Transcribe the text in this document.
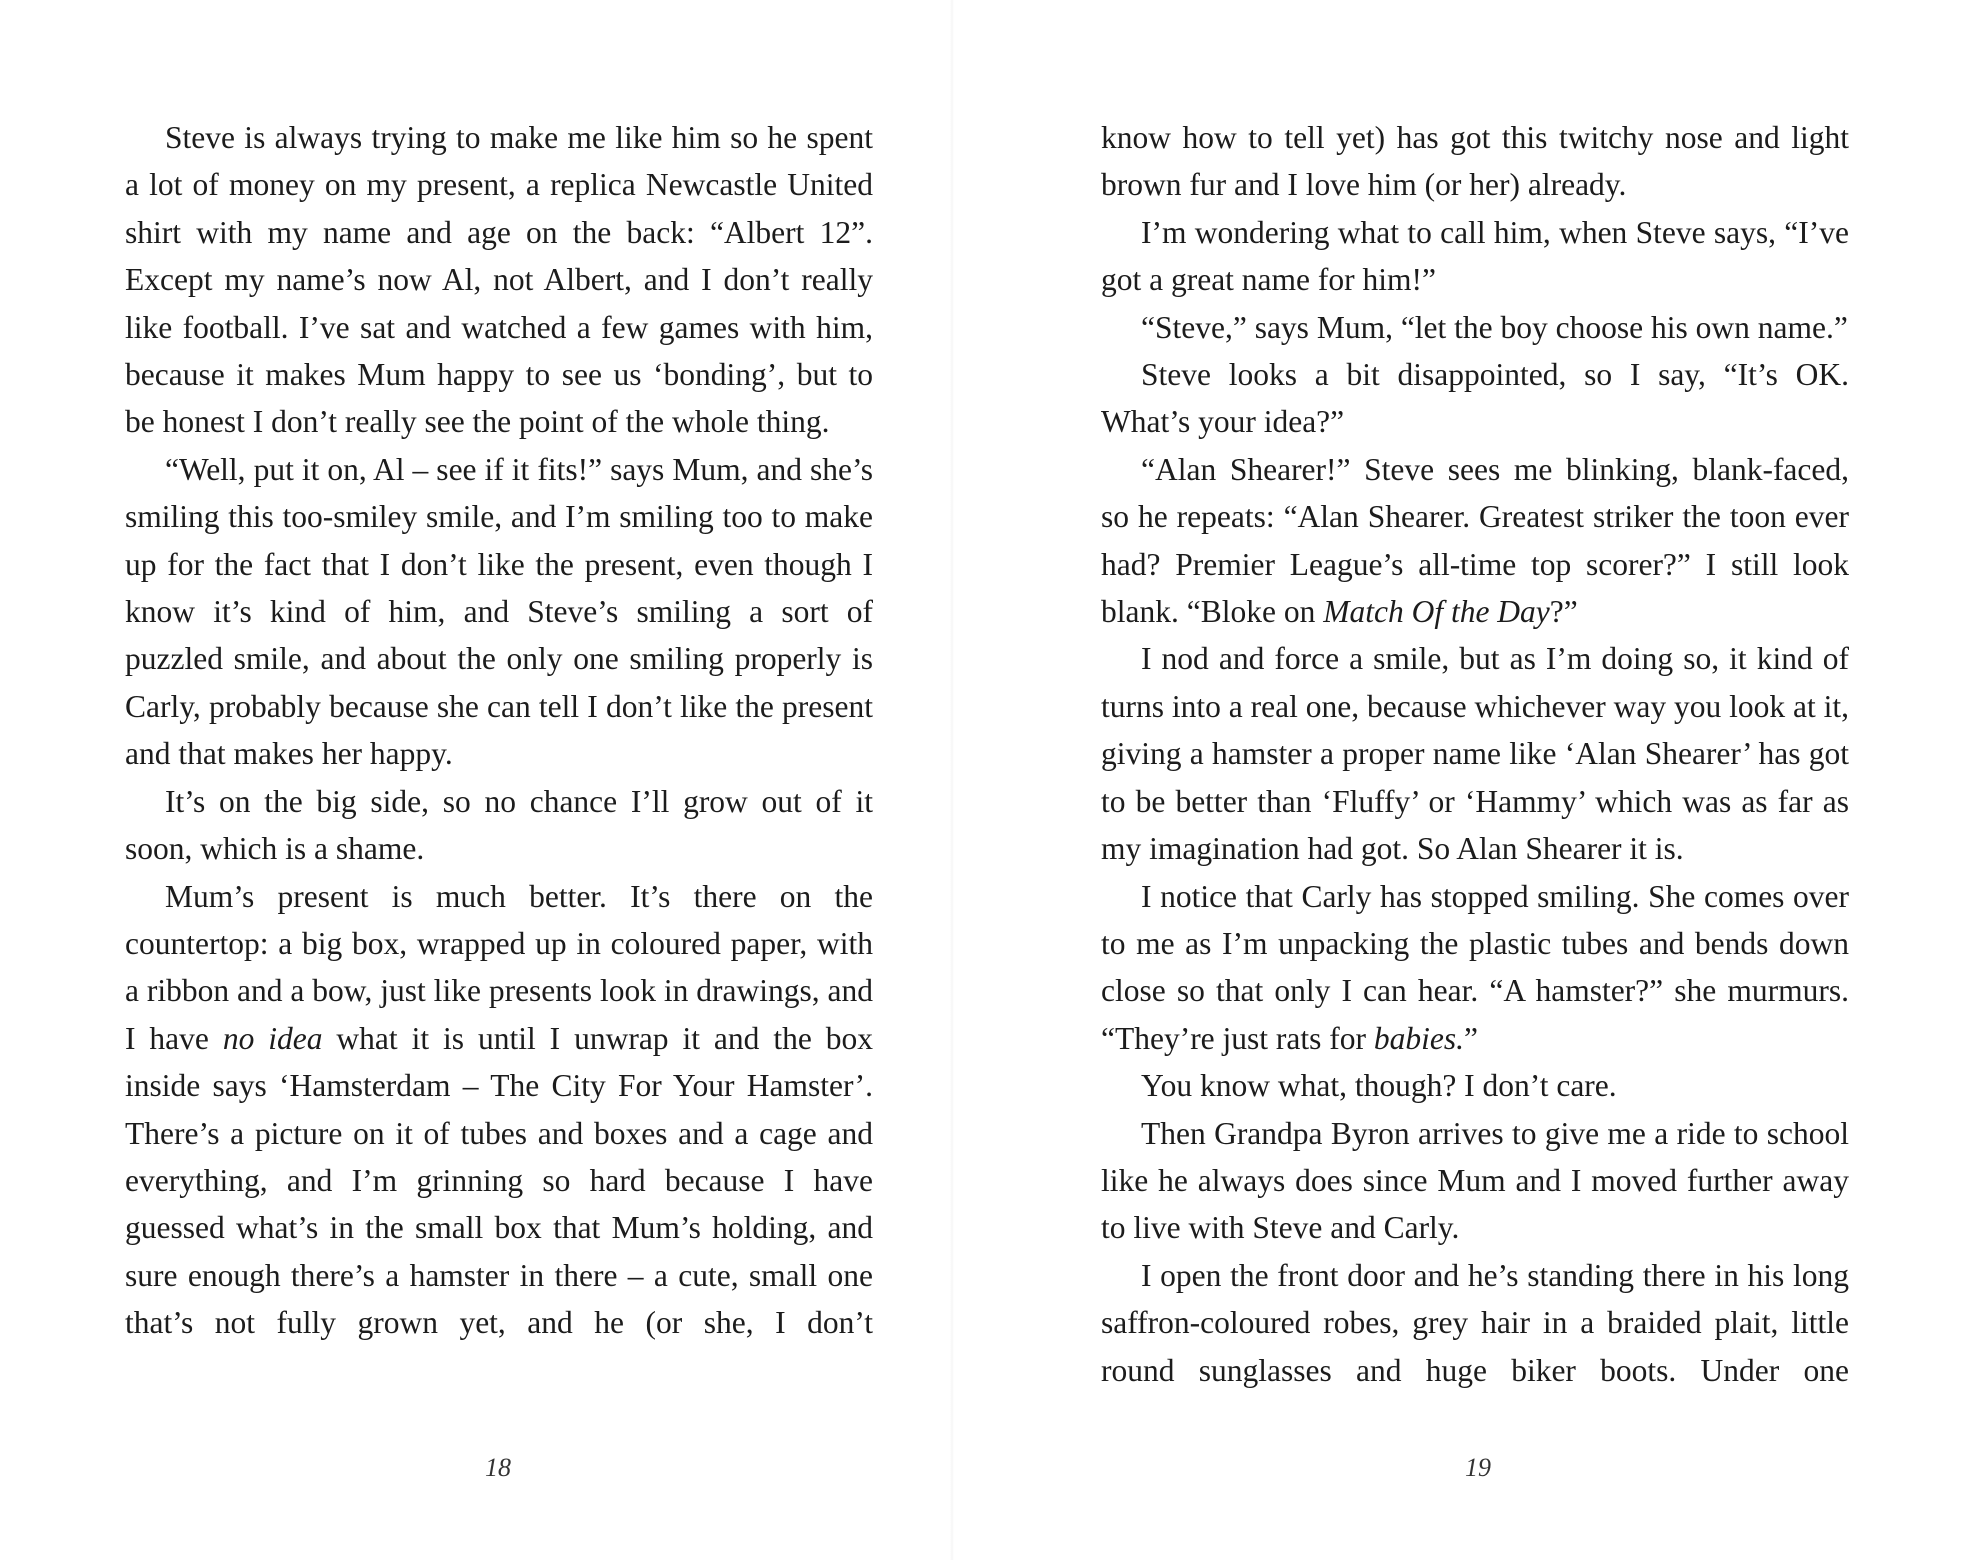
Steve is always trying to make me like him so he spent a lot of money on my present, a replica Newcastle United shirt with my name and age on the back: “Albert 12”. Except my name’s now Al, not Albert, and I don’t really like football. I’ve sat and watched a few games with him, because it makes Mum happy to see us ‘bonding’, but to be honest I don’t really see the point of the whole thing.

“Well, put it on, Al – see if it fits!” says Mum, and she’s smiling this too-smiley smile, and I’m smiling too to make up for the fact that I don’t like the present, even though I know it’s kind of him, and Steve’s smiling a sort of puzzled smile, and about the only one smiling properly is Carly, probably because she can tell I don’t like the present and that makes her happy.

It’s on the big side, so no chance I’ll grow out of it soon, which is a shame.

Mum’s present is much better. It’s there on the countertop: a big box, wrapped up in coloured paper, with a ribbon and a bow, just like presents look in drawings, and I have no idea what it is until I unwrap it and the box inside says ‘Hamsterdam – The City For Your Hamster’. There’s a picture on it of tubes and boxes and a cage and everything, and I’m grinning so hard because I have guessed what’s in the small box that Mum’s holding, and sure enough there’s a hamster in there – a cute, small one that’s not fully grown yet, and he (or she, I don’t

18

know how to tell yet) has got this twitchy nose and light brown fur and I love him (or her) already.

I’m wondering what to call him, when Steve says, “I’ve got a great name for him!”

“Steve,” says Mum, “let the boy choose his own name.”

Steve looks a bit disappointed, so I say, “It’s OK. What’s your idea?”

“Alan Shearer!” Steve sees me blinking, blank-faced, so he repeats: “Alan Shearer. Greatest striker the toon ever had? Premier League’s all-time top scorer?” I still look blank. “Bloke on Match Of the Day?”

I nod and force a smile, but as I’m doing so, it kind of turns into a real one, because whichever way you look at it, giving a hamster a proper name like ‘Alan Shearer’ has got to be better than ‘Fluffy’ or ‘Hammy’ which was as far as my imagination had got. So Alan Shearer it is.

I notice that Carly has stopped smiling. She comes over to me as I’m unpacking the plastic tubes and bends down close so that only I can hear. “A hamster?” she murmurs. “They’re just rats for babies.”

You know what, though? I don’t care.

Then Grandpa Byron arrives to give me a ride to school like he always does since Mum and I moved further away to live with Steve and Carly.

I open the front door and he’s standing there in his long saffron-coloured robes, grey hair in a braided plait, little round sunglasses and huge biker boots. Under one

19
